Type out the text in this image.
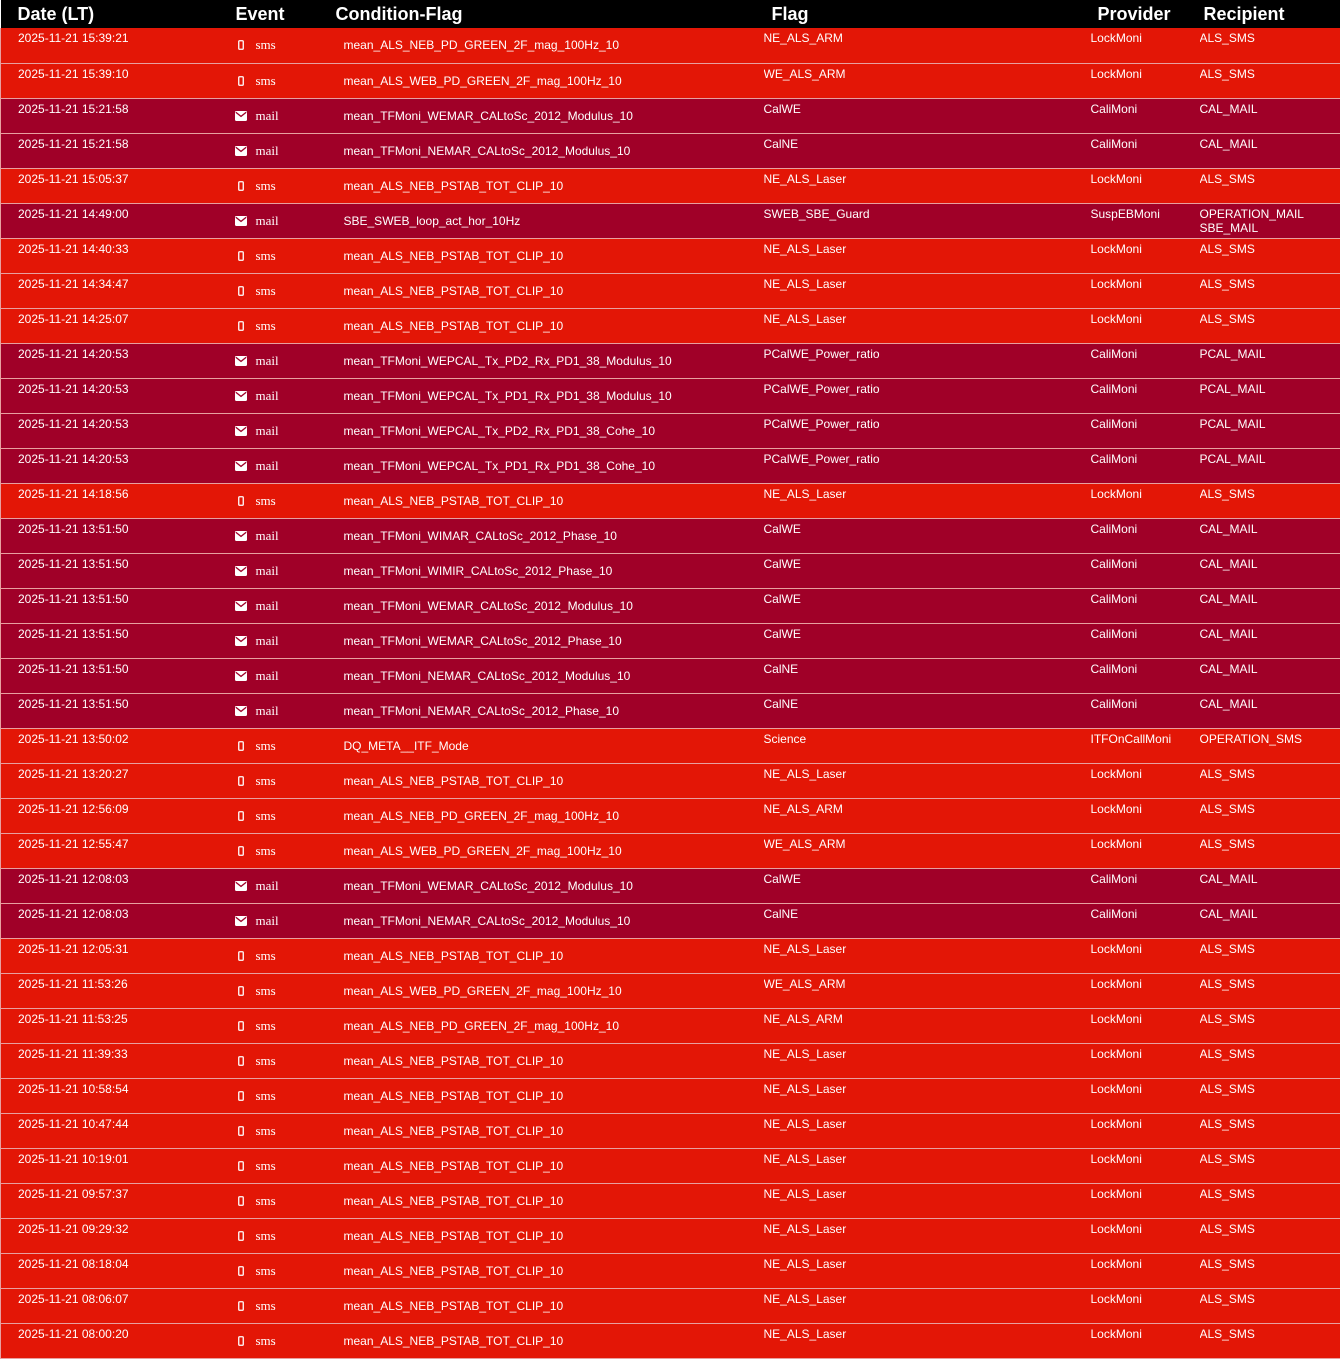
Date (LT)	Event	Condition-Flag	Flag	Provider	Recipient
2025-11-21 15:39:21	sms	mean_ALS_NEB_PD_GREEN_2F_mag_100Hz_10	NE_ALS_ARM	LockMoni	ALS_SMS

2025-11-21 15:39:10	sms	mean_ALS_WEB_PD_GREEN_2F_mag_100Hz_10	WE_ALS_ARM	LockMoni	ALS_SMS

2025-11-21 15:21:58	mail	mean_TFMoni_WEMAR_CALtoSc_2012_Modulus_10	CalWE	CaliMoni	CAL_MAIL

2025-11-21 15:21:58	mail	mean_TFMoni_NEMAR_CALtoSc_2012_Modulus_10	CalNE	CaliMoni	CAL_MAIL

2025-11-21 15:05:37	sms	mean_ALS_NEB_PSTAB_TOT_CLIP_10	NE_ALS_Laser	LockMoni	ALS_SMS

2025-11-21 14:49:00	mail	SBE_SWEB_loop_act_hor_10Hz	SWEB_SBE_Guard	SuspEBMoni	OPERATION_MAIL
SBE_MAIL

2025-11-21 14:40:33	sms	mean_ALS_NEB_PSTAB_TOT_CLIP_10	NE_ALS_Laser	LockMoni	ALS_SMS

2025-11-21 14:34:47	sms	mean_ALS_NEB_PSTAB_TOT_CLIP_10	NE_ALS_Laser	LockMoni	ALS_SMS

2025-11-21 14:25:07	sms	mean_ALS_NEB_PSTAB_TOT_CLIP_10	NE_ALS_Laser	LockMoni	ALS_SMS

2025-11-21 14:20:53	mail	mean_TFMoni_WEPCAL_Tx_PD2_Rx_PD1_38_Modulus_10	PCalWE_Power_ratio	CaliMoni	PCAL_MAIL

2025-11-21 14:20:53	mail	mean_TFMoni_WEPCAL_Tx_PD1_Rx_PD1_38_Modulus_10	PCalWE_Power_ratio	CaliMoni	PCAL_MAIL

2025-11-21 14:20:53	mail	mean_TFMoni_WEPCAL_Tx_PD2_Rx_PD1_38_Cohe_10	PCalWE_Power_ratio	CaliMoni	PCAL_MAIL

2025-11-21 14:20:53	mail	mean_TFMoni_WEPCAL_Tx_PD1_Rx_PD1_38_Cohe_10	PCalWE_Power_ratio	CaliMoni	PCAL_MAIL

2025-11-21 14:18:56	sms	mean_ALS_NEB_PSTAB_TOT_CLIP_10	NE_ALS_Laser	LockMoni	ALS_SMS

2025-11-21 13:51:50	mail	mean_TFMoni_WIMAR_CALtoSc_2012_Phase_10	CalWE	CaliMoni	CAL_MAIL

2025-11-21 13:51:50	mail	mean_TFMoni_WIMIR_CALtoSc_2012_Phase_10	CalWE	CaliMoni	CAL_MAIL

2025-11-21 13:51:50	mail	mean_TFMoni_WEMAR_CALtoSc_2012_Modulus_10	CalWE	CaliMoni	CAL_MAIL

2025-11-21 13:51:50	mail	mean_TFMoni_WEMAR_CALtoSc_2012_Phase_10	CalWE	CaliMoni	CAL_MAIL

2025-11-21 13:51:50	mail	mean_TFMoni_NEMAR_CALtoSc_2012_Modulus_10	CalNE	CaliMoni	CAL_MAIL

2025-11-21 13:51:50	mail	mean_TFMoni_NEMAR_CALtoSc_2012_Phase_10	CalNE	CaliMoni	CAL_MAIL

2025-11-21 13:50:02	sms	DQ_META__ITF_Mode	Science	ITFOnCallMoni	OPERATION_SMS

2025-11-21 13:20:27	sms	mean_ALS_NEB_PSTAB_TOT_CLIP_10	NE_ALS_Laser	LockMoni	ALS_SMS

2025-11-21 12:56:09	sms	mean_ALS_NEB_PD_GREEN_2F_mag_100Hz_10	NE_ALS_ARM	LockMoni	ALS_SMS

2025-11-21 12:55:47	sms	mean_ALS_WEB_PD_GREEN_2F_mag_100Hz_10	WE_ALS_ARM	LockMoni	ALS_SMS

2025-11-21 12:08:03	mail	mean_TFMoni_WEMAR_CALtoSc_2012_Modulus_10	CalWE	CaliMoni	CAL_MAIL

2025-11-21 12:08:03	mail	mean_TFMoni_NEMAR_CALtoSc_2012_Modulus_10	CalNE	CaliMoni	CAL_MAIL

2025-11-21 12:05:31	sms	mean_ALS_NEB_PSTAB_TOT_CLIP_10	NE_ALS_Laser	LockMoni	ALS_SMS

2025-11-21 11:53:26	sms	mean_ALS_WEB_PD_GREEN_2F_mag_100Hz_10	WE_ALS_ARM	LockMoni	ALS_SMS

2025-11-21 11:53:25	sms	mean_ALS_NEB_PD_GREEN_2F_mag_100Hz_10	NE_ALS_ARM	LockMoni	ALS_SMS

2025-11-21 11:39:33	sms	mean_ALS_NEB_PSTAB_TOT_CLIP_10	NE_ALS_Laser	LockMoni	ALS_SMS

2025-11-21 10:58:54	sms	mean_ALS_NEB_PSTAB_TOT_CLIP_10	NE_ALS_Laser	LockMoni	ALS_SMS

2025-11-21 10:47:44	sms	mean_ALS_NEB_PSTAB_TOT_CLIP_10	NE_ALS_Laser	LockMoni	ALS_SMS

2025-11-21 10:19:01	sms	mean_ALS_NEB_PSTAB_TOT_CLIP_10	NE_ALS_Laser	LockMoni	ALS_SMS

2025-11-21 09:57:37	sms	mean_ALS_NEB_PSTAB_TOT_CLIP_10	NE_ALS_Laser	LockMoni	ALS_SMS

2025-11-21 09:29:32	sms	mean_ALS_NEB_PSTAB_TOT_CLIP_10	NE_ALS_Laser	LockMoni	ALS_SMS

2025-11-21 08:18:04	sms	mean_ALS_NEB_PSTAB_TOT_CLIP_10	NE_ALS_Laser	LockMoni	ALS_SMS

2025-11-21 08:06:07	sms	mean_ALS_NEB_PSTAB_TOT_CLIP_10	NE_ALS_Laser	LockMoni	ALS_SMS

2025-11-21 08:00:20	sms	mean_ALS_NEB_PSTAB_TOT_CLIP_10	NE_ALS_Laser	LockMoni	ALS_SMS
